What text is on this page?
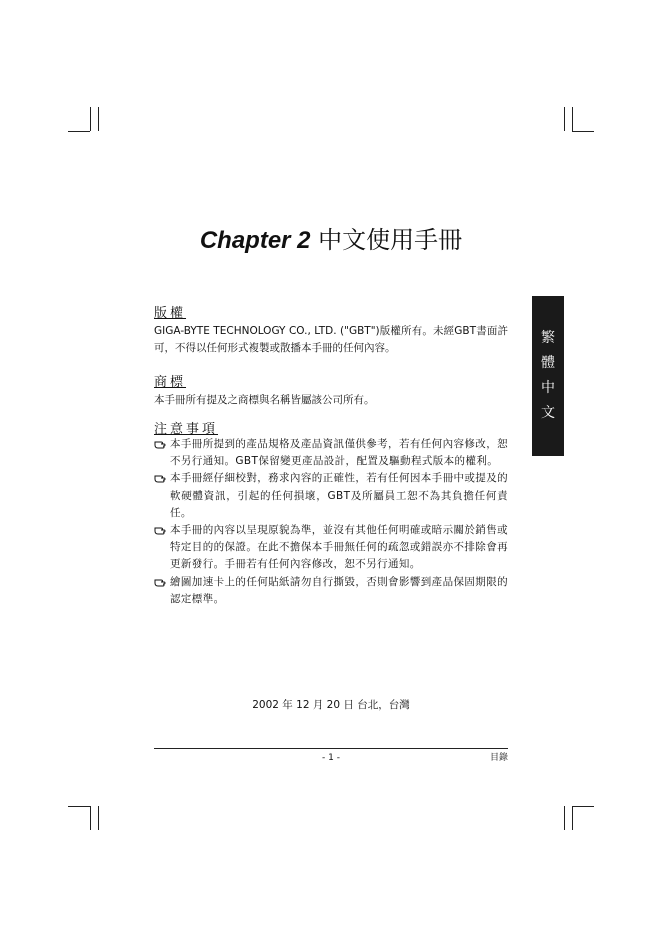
Chapter 2 中文使用手冊
繁
體
中
文
版權
GIGA-BYTE TECHNOLOGY CO., LTD. ("GBT")版權所有。未經GBT書面許可，不得以任何形式複製或散播本手冊的任何內容。
商標
本手冊所有提及之商標與名稱皆屬該公司所有。
注意事項
本手冊所提到的產品規格及產品資訊僅供參考，若有任何內容修改，恕不另行通知。GBT保留變更產品設計，配置及驅動程式版本的權利。
本手冊經仔細校對，務求內容的正確性，若有任何因本手冊中或提及的軟硬體資訊，引起的任何損壞，GBT及所屬員工恕不為其負擔任何責任。
本手冊的內容以呈現原貌為準，並沒有其他任何明確或暗示關於銷售或特定目的的保證。在此不擔保本手冊無任何的疏忽或錯誤亦不排除會再更新發行。手冊若有任何內容修改，恕不另行通知。
繪圖加速卡上的任何貼紙請勿自行撕毀，否則會影響到產品保固期限的認定標準。
2002 年 12 月 20 日 台北，台灣
- 1 -	目錄
